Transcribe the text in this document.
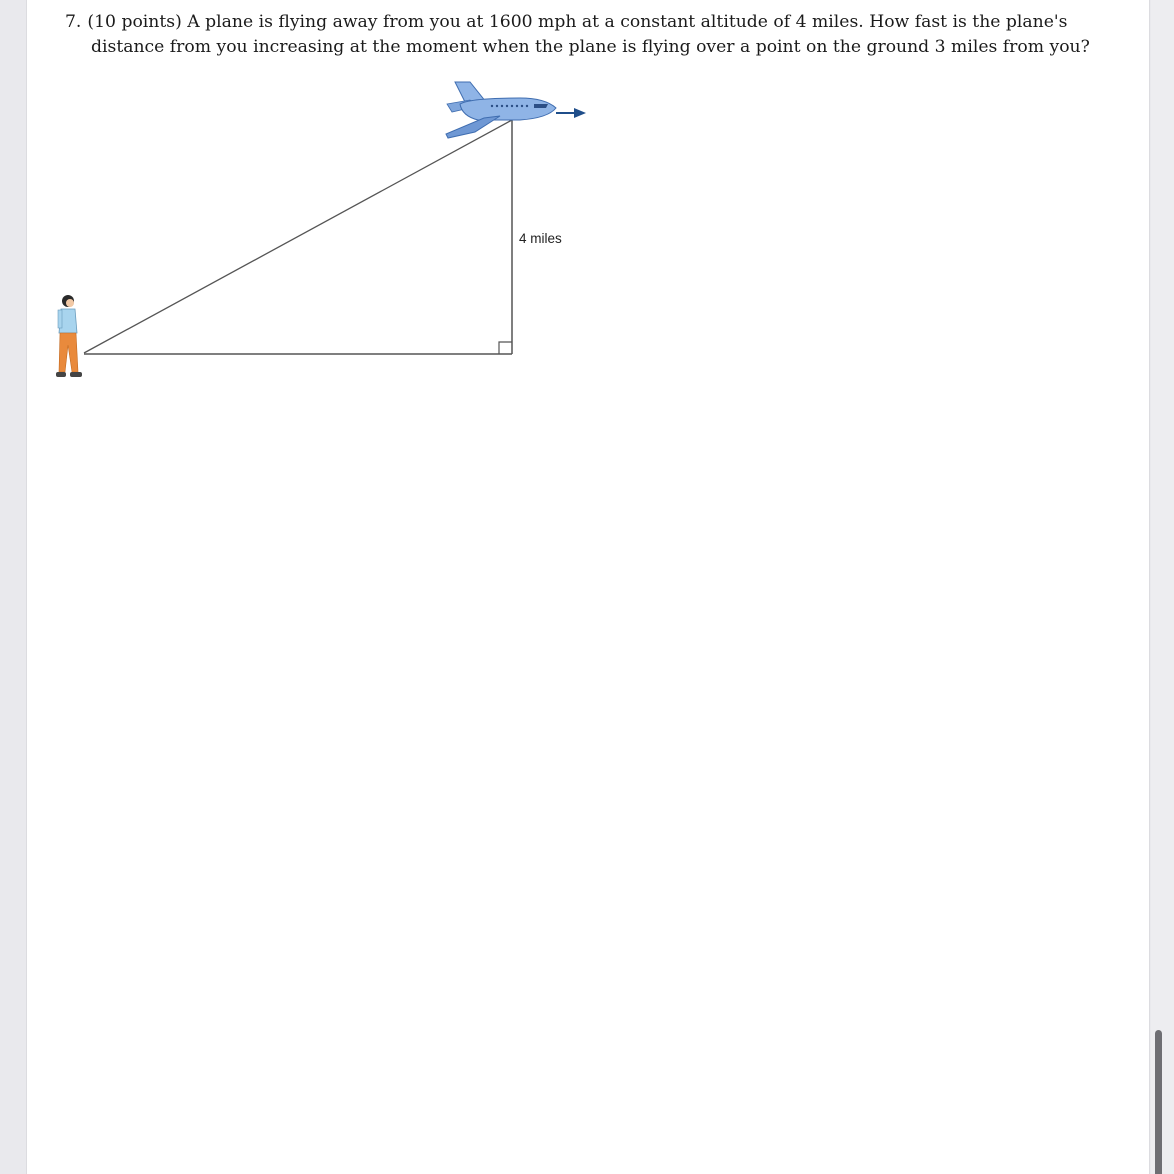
7. (10 points) A plane is flying away from you at 1600 mph at a constant altitude of 4 miles. How fast is the plane's
distance from you increasing at the moment when the plane is flying over a point on the ground 3 miles from you?
4 miles
